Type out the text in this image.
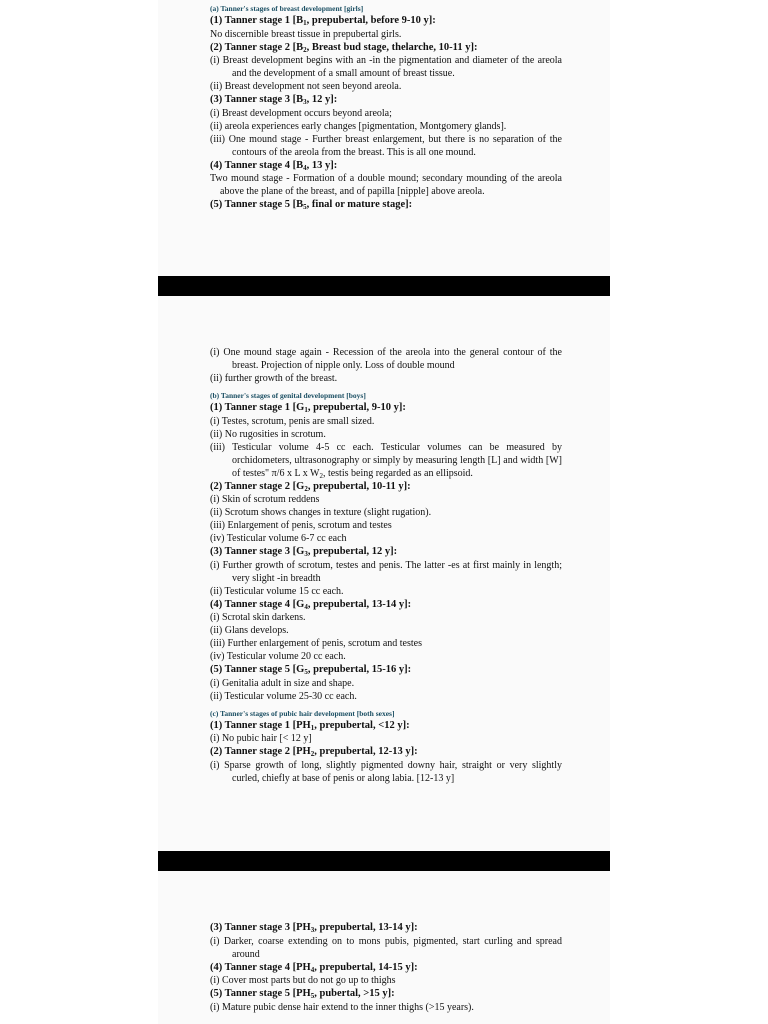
(a) Tanner's stages of breast development [girls]
(1) Tanner stage 1 [$B_1$, prepubertal, before 9-10 y]:
No discernible breast tissue in prepubertal girls.
(2) Tanner stage 2 [$B_2$, Breast bud stage, thelarche, 10-11 y]:
(i) Breast development begins with an -in the pigmentation and diameter of the areola and the development of a small amount of breast tissue.
(ii) Breast development not seen beyond areola.
(3) Tanner stage 3 [$B_3$, 12 y]:
(i) Breast development occurs beyond areola;
(ii) areola experiences early changes [pigmentation, Montgomery glands].
(iii) One mound stage - Further breast enlargement, but there is no separation of the contours of the areola from the breast. This is all one mound.
(4) Tanner stage 4 [$B_4$, 13 y]:
Two mound stage - Formation of a double mound; secondary mounding of the areola above the plane of the breast, and of papilla [nipple] above areola.
(5) Tanner stage 5 [$B_5$, final or mature stage]:
(i) One mound stage again - Recession of the areola into the general contour of the breast. Projection of nipple only. Loss of double mound
(ii) further growth of the breast.
(b) Tanner's stages of genital development [boys]
(1) Tanner stage 1 [$G_1$, prepubertal, 9-10 y]:
(i) Testes, scrotum, penis are small sized.
(ii) No rugosities in scrotum.
(iii) Testicular volume 4-5 cc each. Testicular volumes can be measured by orchidometers, ultrasonography or simply by measuring length [L] and width [W] of testes" π/6 x L x $W_2$, testis being regarded as an ellipsoid.
(2) Tanner stage 2 [$G_2$, prepubertal, 10-11 y]:
(i) Skin of scrotum reddens
(ii) Scrotum shows changes in texture (slight rugation).
(iii) Enlargement of penis, scrotum and testes
(iv) Testicular volume 6-7 cc each
(3) Tanner stage 3 [$G_3$, prepubertal, 12 y]:
(i) Further growth of scrotum, testes and penis. The latter -es at first mainly in length; very slight -in breadth
(ii) Testicular volume 15 cc each.
(4) Tanner stage 4 [$G_4$, prepubertal, 13-14 y]:
(i) Scrotal skin darkens.
(ii) Glans develops.
(iii) Further enlargement of penis, scrotum and testes
(iv) Testicular volume 20 cc each.
(5) Tanner stage 5 [$G_5$, prepubertal, 15-16 y]:
(i) Genitalia adult in size and shape.
(ii) Testicular volume 25-30 cc each.
(c) Tanner's stages of pubic hair development [both sexes]
(1) Tanner stage 1 [$PH_1$, prepubertal, <12 y]:
(i) No pubic hair [< 12 y]
(2) Tanner stage 2 [$PH_2$, prepubertal, 12-13 y]:
(i) Sparse growth of long, slightly pigmented downy hair, straight or very slightly curled, chiefly at base of penis or along labia. [12-13 y]
(3) Tanner stage 3 [$PH_3$, prepubertal, 13-14 y]:
(i) Darker, coarse extending on to mons pubis, pigmented, start curling and spread around
(4) Tanner stage 4 [$PH_4$, prepubertal, 14-15 y]:
(i) Cover most parts but do not go up to thighs
(5) Tanner stage 5 [$PH_5$, pubertal, >15 y]:
(i) Mature pubic dense hair extend to the inner thighs (>15 years).
